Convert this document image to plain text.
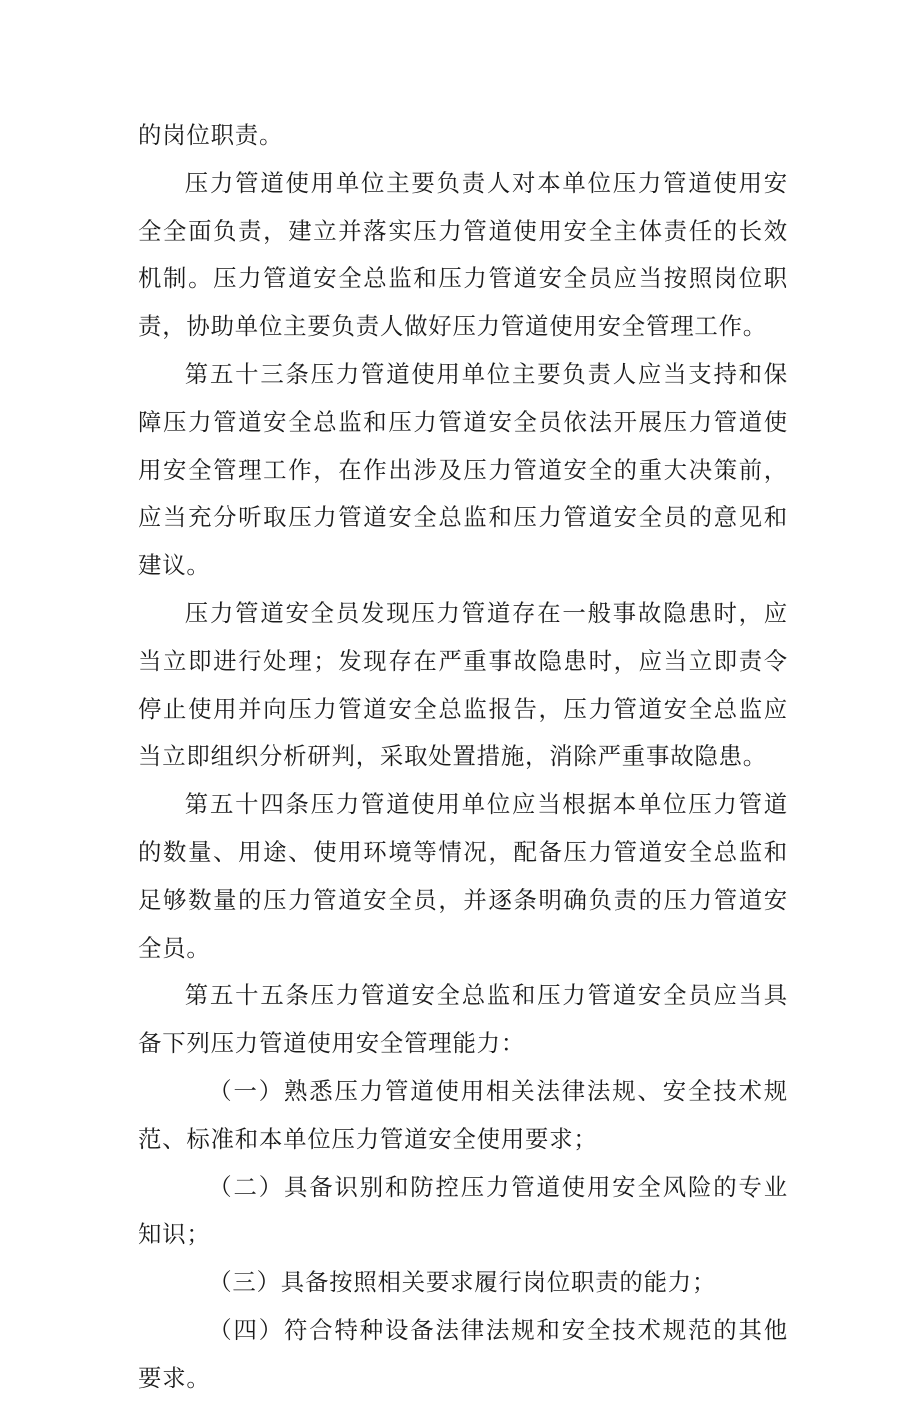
的岗位职责。

压力管道使用单位主要负责人对本单位压力管道使用安全全面负责，建立并落实压力管道使用安全主体责任的长效机制。压力管道安全总监和压力管道安全员应当按照岗位职责，协助单位主要负责人做好压力管道使用安全管理工作。

第五十三条压力管道使用单位主要负责人应当支持和保障压力管道安全总监和压力管道安全员依法开展压力管道使用安全管理工作，在作出涉及压力管道安全的重大决策前，应当充分听取压力管道安全总监和压力管道安全员的意见和建议。

压力管道安全员发现压力管道存在一般事故隐患时，应当立即进行处理；发现存在严重事故隐患时，应当立即责令停止使用并向压力管道安全总监报告，压力管道安全总监应当立即组织分析研判，采取处置措施，消除严重事故隐患。

第五十四条压力管道使用单位应当根据本单位压力管道的数量、用途、使用环境等情况，配备压力管道安全总监和足够数量的压力管道安全员，并逐条明确负责的压力管道安全员。

第五十五条压力管道安全总监和压力管道安全员应当具备下列压力管道使用安全管理能力：

（一）熟悉压力管道使用相关法律法规、安全技术规范、标准和本单位压力管道安全使用要求；

（二）具备识别和防控压力管道使用安全风险的专业知识；

（三）具备按照相关要求履行岗位职责的能力；

（四）符合特种设备法律法规和安全技术规范的其他要求。
